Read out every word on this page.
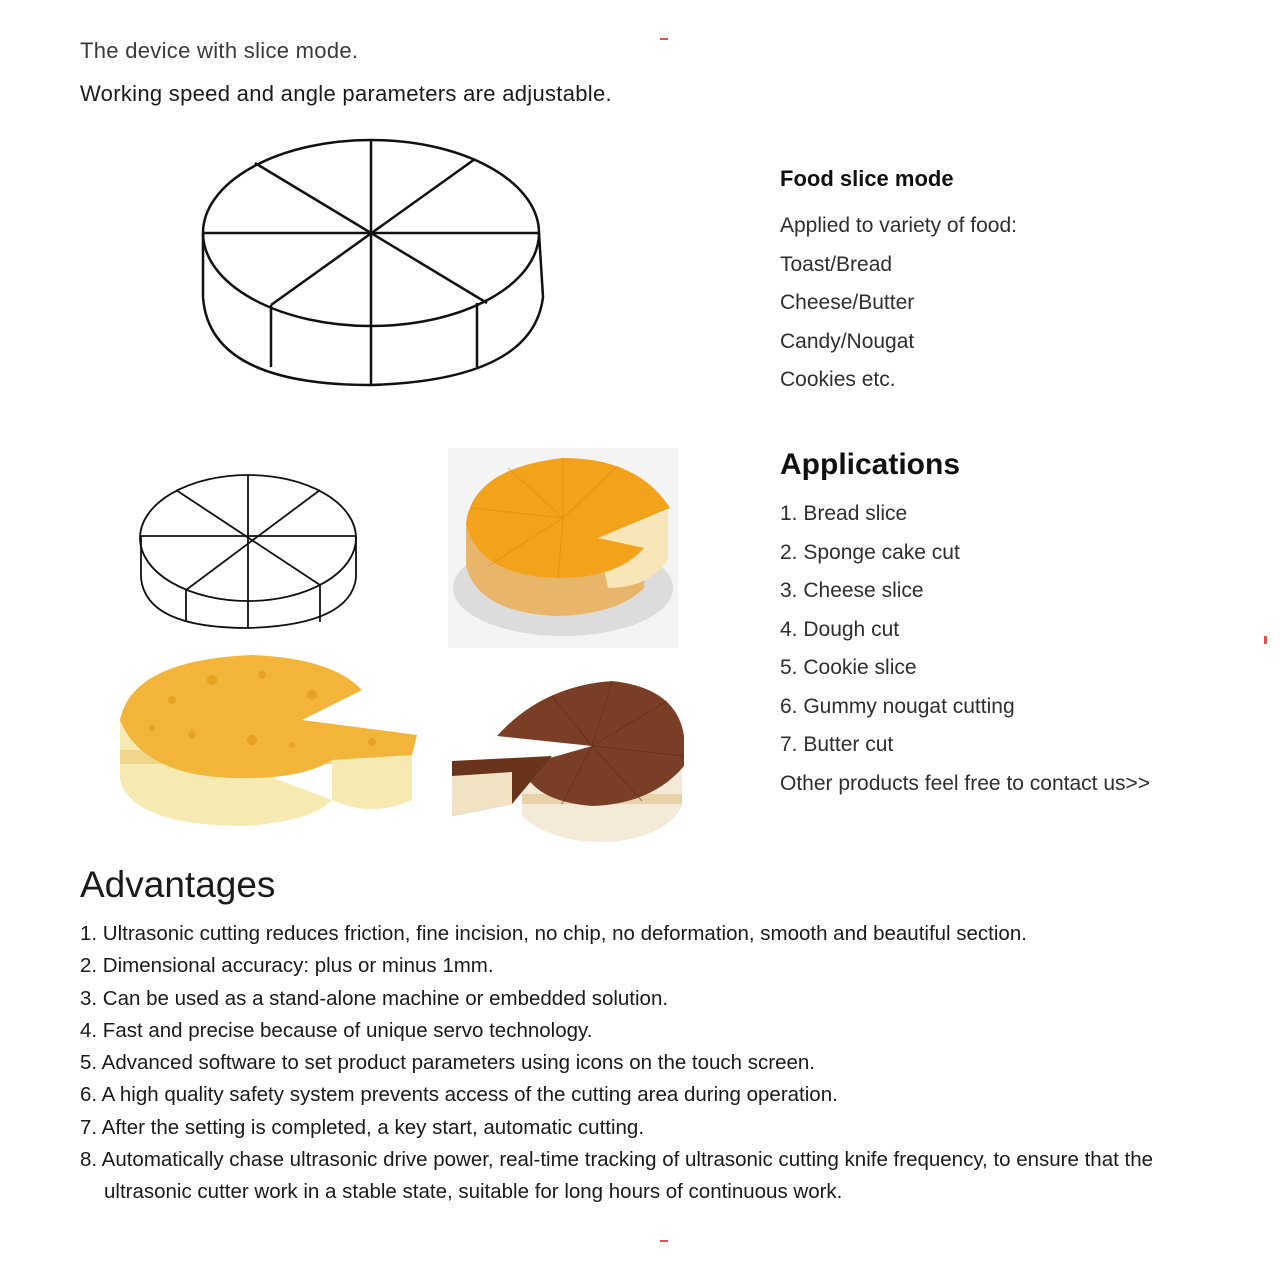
The device with slice mode.
Working speed and angle parameters are adjustable.
Food slice mode
Applied to variety of food:
Toast/Bread
Cheese/Butter
Candy/Nougat
Cookies etc.
Applications
1. Bread slice
2. Sponge cake cut
3. Cheese slice
4. Dough cut
5. Cookie slice
6. Gummy nougat cutting
7. Butter cut
Other products feel free to contact us>>
Advantages
1. Ultrasonic cutting reduces friction, fine incision, no chip, no deformation, smooth and beautiful section.
2. Dimensional accuracy: plus or minus 1mm.
3. Can be used as a stand-alone machine or embedded solution.
4. Fast and precise because of unique servo technology.
5. Advanced software to set product parameters using icons on the touch screen.
6. A high quality safety system prevents access of the cutting area during operation.
7. After the setting is completed, a key start, automatic cutting.
8. Automatically chase ultrasonic drive power, real-time tracking of ultrasonic cutting knife frequency, to ensure that the
ultrasonic cutter work in a stable state, suitable for long hours of continuous work.
